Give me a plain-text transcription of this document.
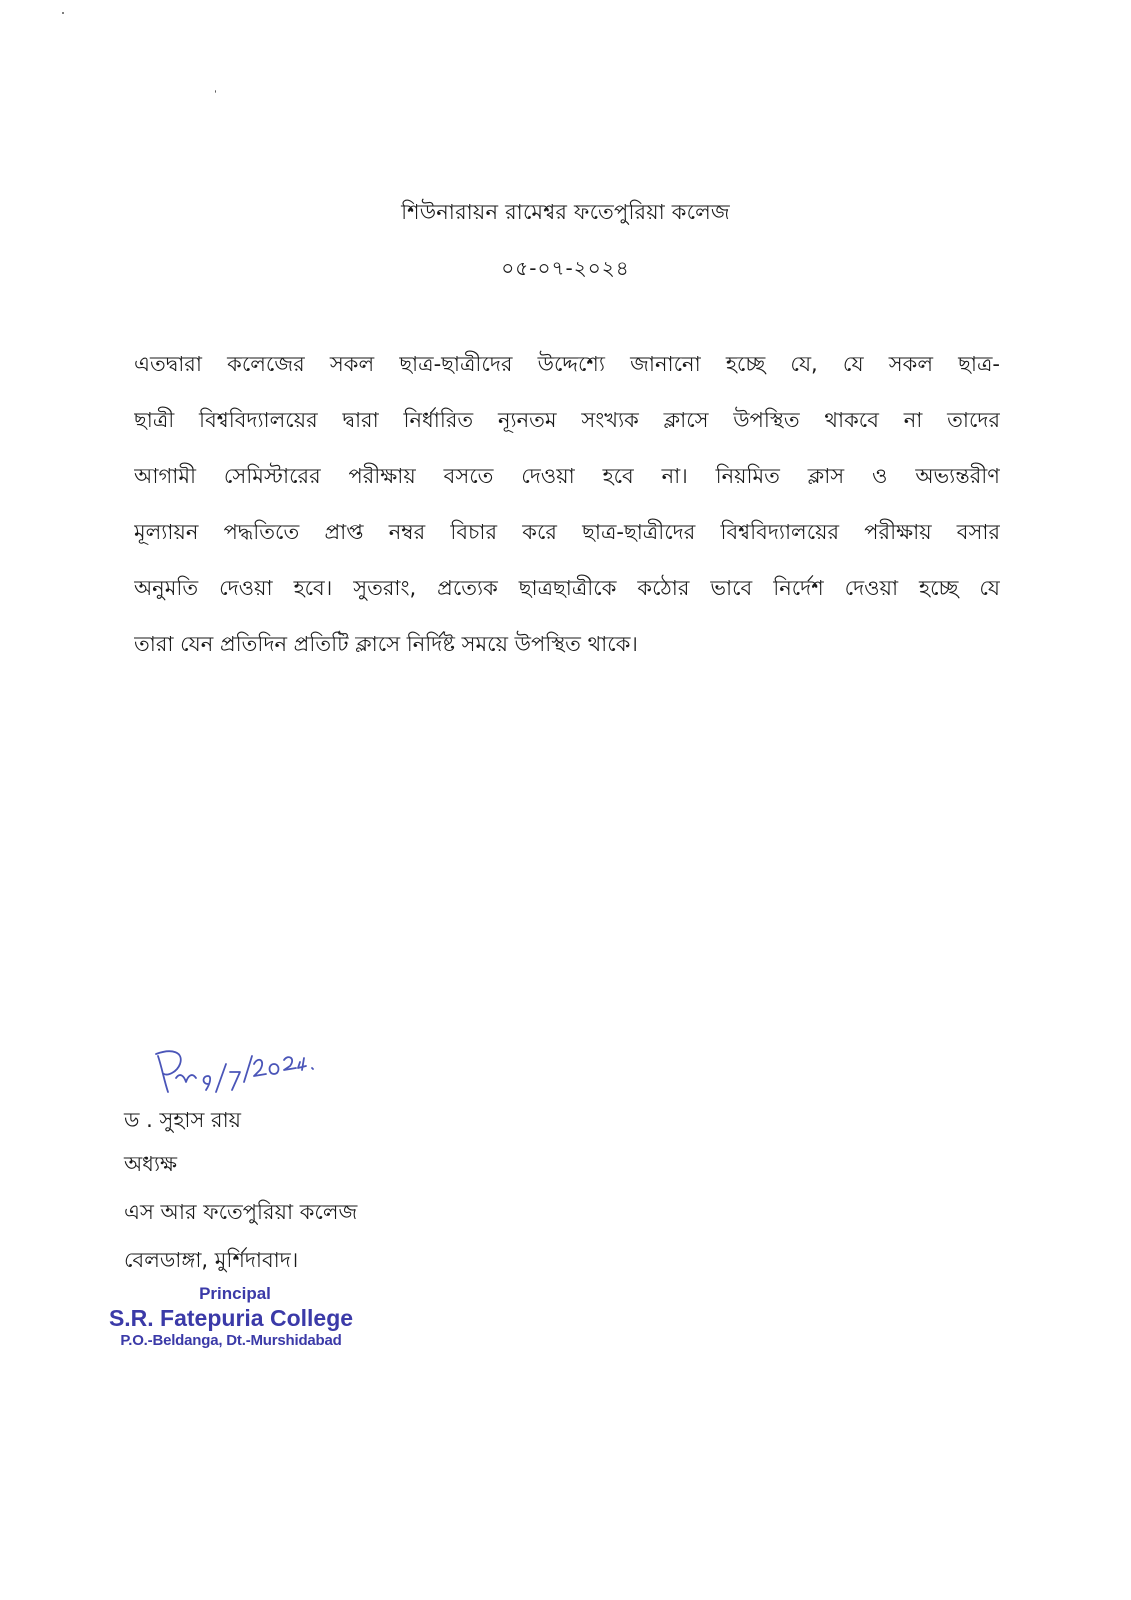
শিউনারায়ন রামেশ্বর ফতেপুরিয়া কলেজ
০৫-০৭-২০২৪
এতদ্বারা কলেজের সকল ছাত্র-ছাত্রীদের উদ্দেশ্যে জানানো হচ্ছে যে, যে সকল ছাত্র-
ছাত্রী বিশ্ববিদ্যালয়ের দ্বারা নির্ধারিত ন্যূনতম সংখ্যক ক্লাসে উপস্থিত থাকবে না তাদের
আগামী সেমিস্টারের পরীক্ষায় বসতে দেওয়া হবে না। নিয়মিত ক্লাস ও অভ্যন্তরীণ
মূল্যায়ন পদ্ধতিতে প্রাপ্ত নম্বর বিচার করে ছাত্র-ছাত্রীদের বিশ্ববিদ্যালয়ের পরীক্ষায় বসার
অনুমতি দেওয়া হবে। সুতরাং, প্রত্যেক ছাত্রছাত্রীকে কঠোর ভাবে নির্দেশ দেওয়া হচ্ছে যে
তারা যেন প্রতিদিন প্রতিটি ক্লাসে নির্দিষ্ট সময়ে উপস্থিত থাকে।
ড . সুহাস রায়
অধ্যক্ষ
এস আর ফতেপুরিয়া কলেজ
বেলডাঙ্গা, মুর্শিদাবাদ।
Principal
S.R. Fatepuria College
P.O.-Beldanga, Dt.-Murshidabad
